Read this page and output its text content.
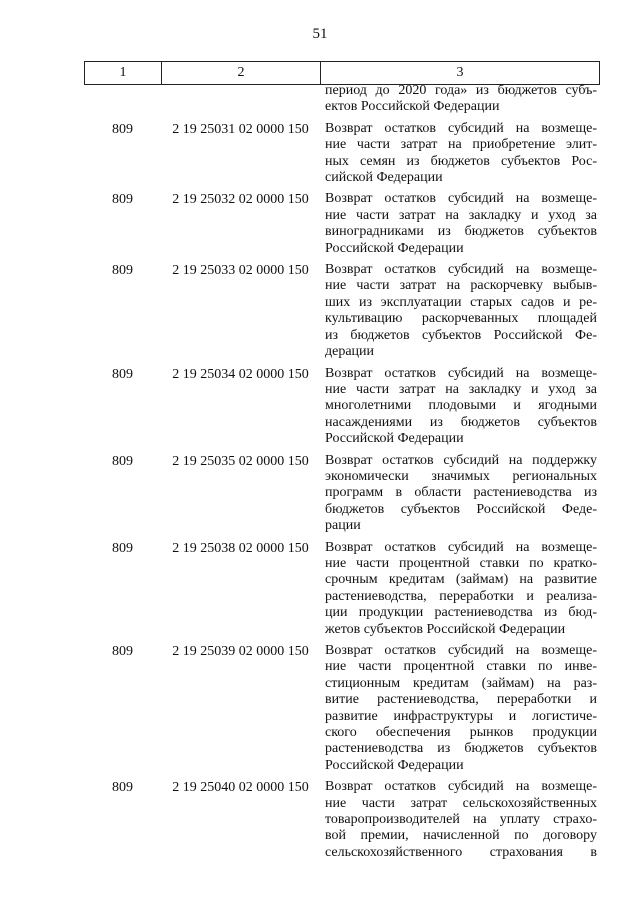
51
1	2	3
период до 2020 года» из бюджетов субъ-
ектов Российской Федерации
809	2 19 25031 02 0000 150	Возврат остатков субсидий на возмеще-
ние части затрат на приобретение элит-
ных семян из бюджетов субъектов Рос-
сийской Федерации
809	2 19 25032 02 0000 150	Возврат остатков субсидий на возмеще-
ние части затрат на закладку и уход за
виноградниками из бюджетов субъектов
Российской Федерации
809	2 19 25033 02 0000 150	Возврат остатков субсидий на возмеще-
ние части затрат на раскорчевку выбыв-
ших из эксплуатации старых садов и ре-
культивацию раскорчеванных площадей
из бюджетов субъектов Российской Фе-
дерации
809	2 19 25034 02 0000 150	Возврат остатков субсидий на возмеще-
ние части затрат на закладку и уход за
многолетними плодовыми и ягодными
насаждениями из бюджетов субъектов
Российской Федерации
809	2 19 25035 02 0000 150	Возврат остатков субсидий на поддержку
экономически значимых региональных
программ в области растениеводства из
бюджетов субъектов Российской Феде-
рации
809	2 19 25038 02 0000 150	Возврат остатков субсидий на возмеще-
ние части процентной ставки по кратко-
срочным кредитам (займам) на развитие
растениеводства, переработки и реализа-
ции продукции растениеводства из бюд-
жетов субъектов Российской Федерации
809	2 19 25039 02 0000 150	Возврат остатков субсидий на возмеще-
ние части процентной ставки по инве-
стиционным кредитам (займам) на раз-
витие растениеводства, переработки и
развитие инфраструктуры и логистиче-
ского обеспечения рынков продукции
растениеводства из бюджетов субъектов
Российской Федерации
809	2 19 25040 02 0000 150	Возврат остатков субсидий на возмеще-
ние части затрат сельскохозяйственных
товаропроизводителей на уплату страхо-
вой премии, начисленной по договору
сельскохозяйственного страхования в
